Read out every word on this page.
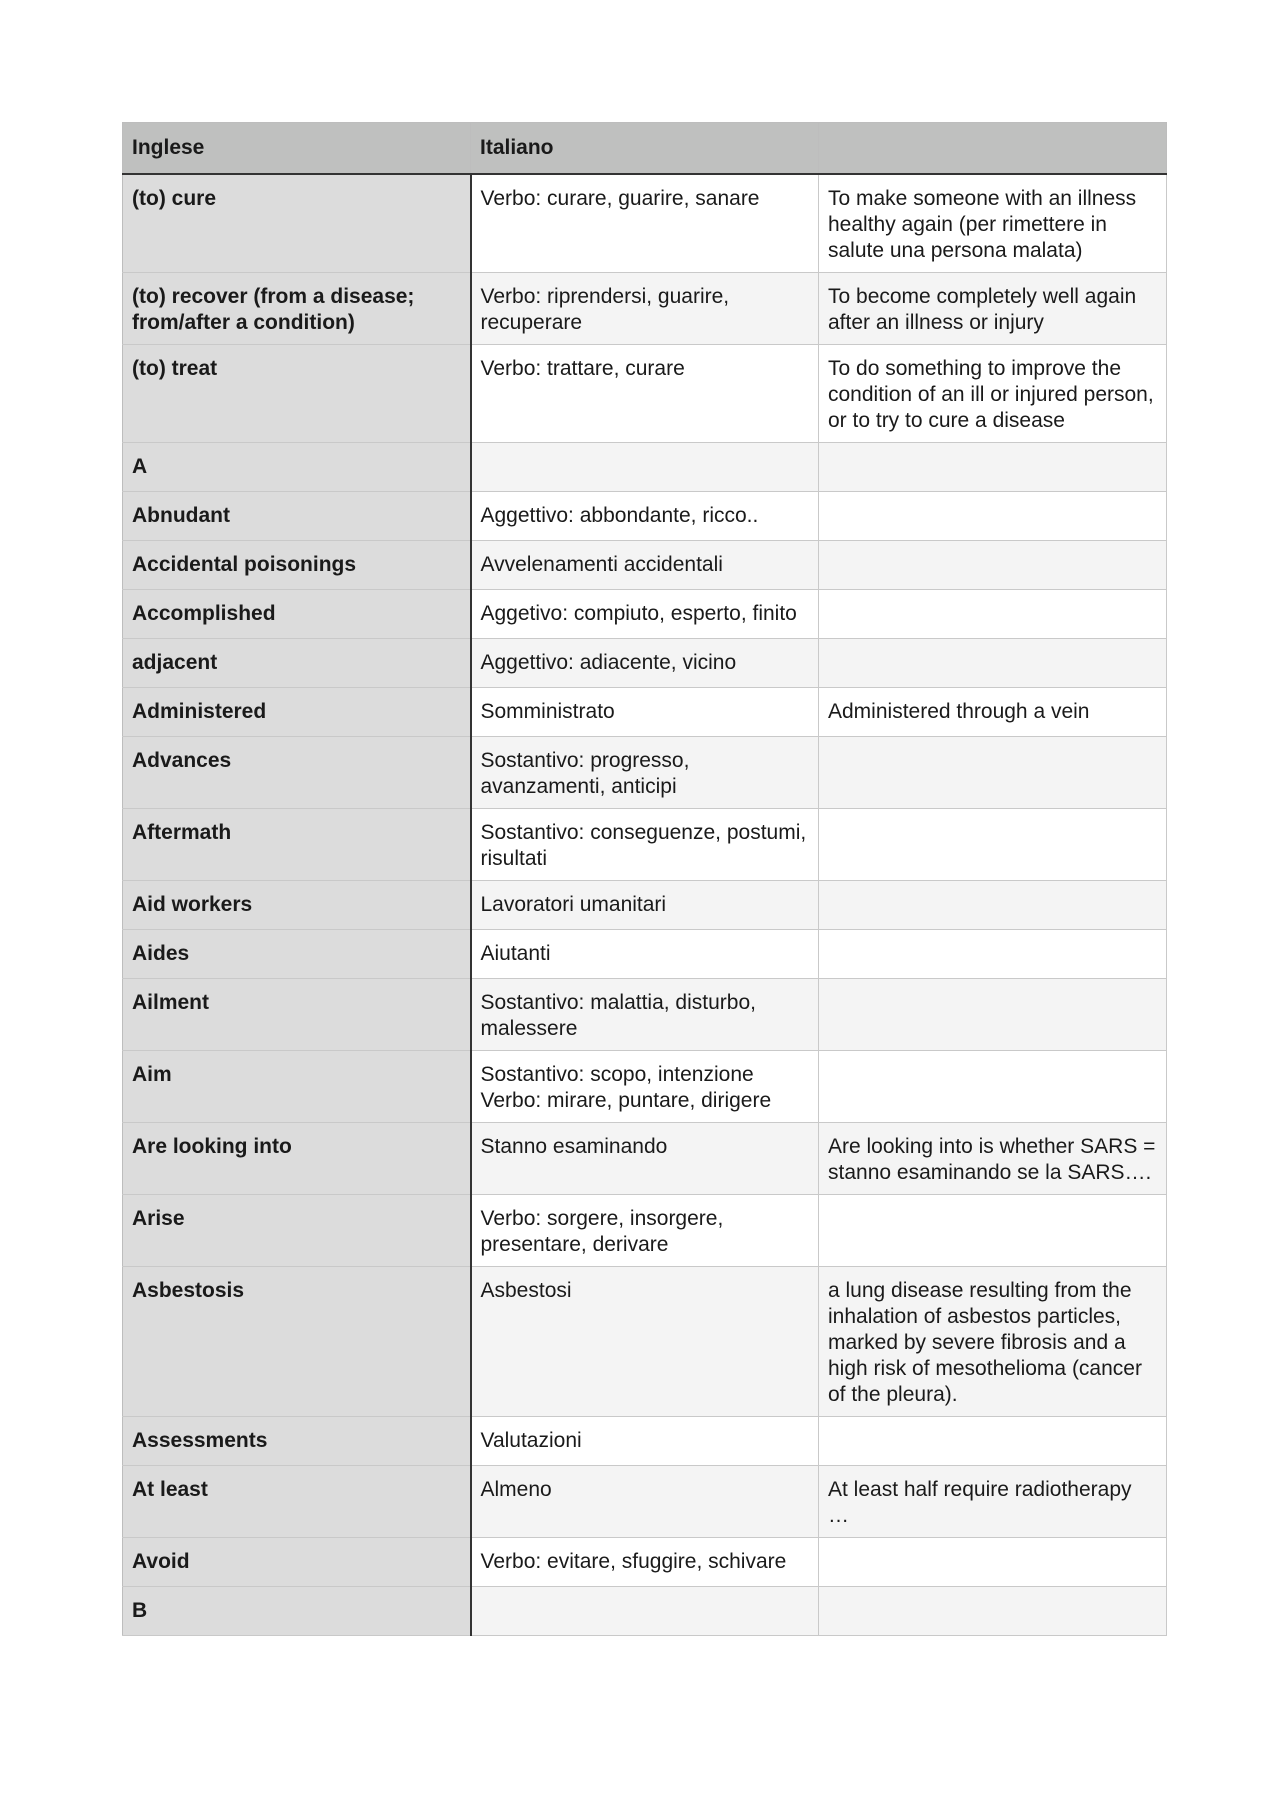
Inglese	Italiano	
(to) cure	Verbo: curare, guarire, sanare	To make someone with an illness healthy again (per rimettere in salute una persona malata)
(to) recover (from a disease; from/after a condition)	Verbo: riprendersi, guarire, recuperare	To become completely well again after an illness or injury
(to) treat	Verbo: trattare, curare	To do something to improve the condition of an ill or injured person, or to try to cure a disease
A	

Abnudant	Aggettivo: abbondante, ricco..	

Accidental poisonings	Avvelenamenti accidentali	

Accomplished	Aggetivo: compiuto, esperto, finito	

adjacent	Aggettivo: adiacente, vicino	

Administered	Somministrato	Administered through a vein
Advances	Sostantivo: progresso, avanzamenti, anticipi	

Aftermath	Sostantivo: conseguenze, postumi, risultati	

Aid workers	Lavoratori umanitari	

Aides	Aiutanti	

Ailment	Sostantivo: malattia, disturbo, malessere	

Aim	Sostantivo: scopo, intenzione
Verbo: mirare, puntare, dirigere	

Are looking into	Stanno esaminando	Are looking into is whether SARS = stanno esaminando se la SARS….
Arise	Verbo: sorgere, insorgere, presentare, derivare	

Asbestosis	Asbestosi	a lung disease resulting from the inhalation of asbestos particles, marked by severe fibrosis and a high risk of mesothelioma (cancer of the pleura).
Assessments	Valutazioni	

At least	Almeno	At least half require radiotherapy …
Avoid	Verbo: evitare, sfuggire, schivare	

B	
